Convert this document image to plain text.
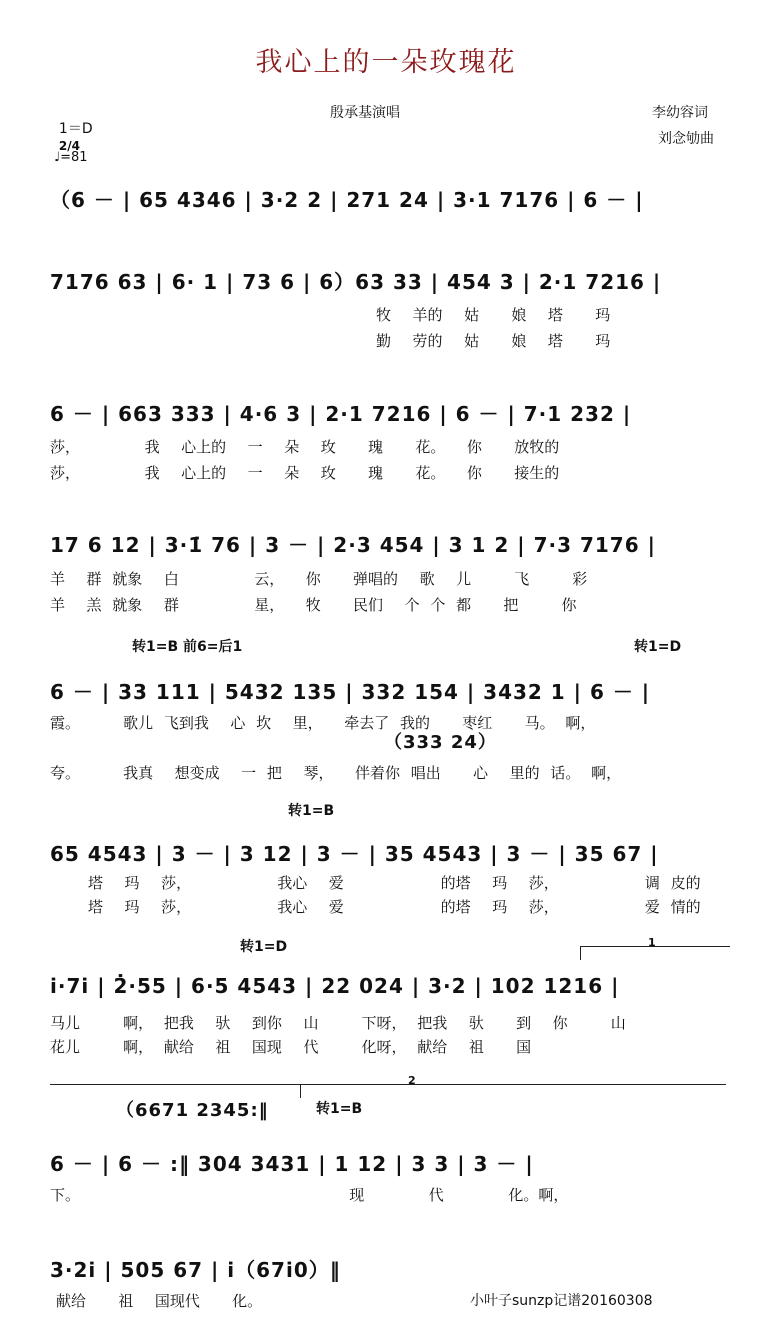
我心上的一朵玫瑰花

1＝D
2/4

殷承基演唱	李幼容词
刘念劬曲
♩=81
（6 － | 65 4346 | 3·2 2 | 271 24 | 3·1 7176 | 6 － |
7176 63 | 6· 1 | 73 6 | 6）63 33 | 454 3 | 2·1 7216 |
牧  羊的  姑   娘  塔   玛
勤  劳的  姑   娘  塔   玛
6 － | 663 333 | 4·6 3 | 2·1 7216 | 6 － | 7·1 232 |
莎，      我  心上的  一  朵  玫   瑰   花。  你   放牧的
莎，      我  心上的  一  朵  玫   瑰   花。  你   接生的
17 6 12 | 3·1̇ 76 | 3 － | 2·3 454 | 3 1 2 | 7·3 7176 |
羊  群 就象  白       云，  你   弹唱的  歌  儿    飞    彩
羊  羔 就象  群       星，  牧   民们  个 个 都   把    你
转1=B 前6=后1	转1=D
6 － | 33 111 | 5432 135 | 332 154 | 3432 1 | 6 － |
霞。    歌儿 飞到我  心 坎  里，  牵去了 我的   枣红   马。 啊，
（333 24）
夸。    我真  想变成  一 把  琴，  伴着你 唱出   心  里的 话。 啊，
转1=B
65 4543 | 3 － | 3 12 | 3 － | 35 4543 | 3 － | 35 67 |
塔  玛  莎，        我心  爱         的塔  玛  莎，        调 皮的
塔  玛  莎，        我心  爱         的塔  玛  莎，        爱 情的
转1=D	1
i̇·7i̇ | 2̇·55 | 6·5 4543 | 22 024 | 3·2 | 102 1216 |
马儿    啊， 把我  驮  到你  山    下呀， 把我  驮   到  你    山
花儿    啊， 献给  祖  国现  代    化呀， 献给  祖   国
2
（6671 2345:‖	转1=B
6 － | 6 － :‖ 304 3431 | 1 12 | 3 3 | 3 － |
下。                         现      代      化。啊，
3·2i̇ | 505 67 | i̇（67i̇0）‖
献给   祖  国现代   化。	小叶子sunzp记谱20160308
